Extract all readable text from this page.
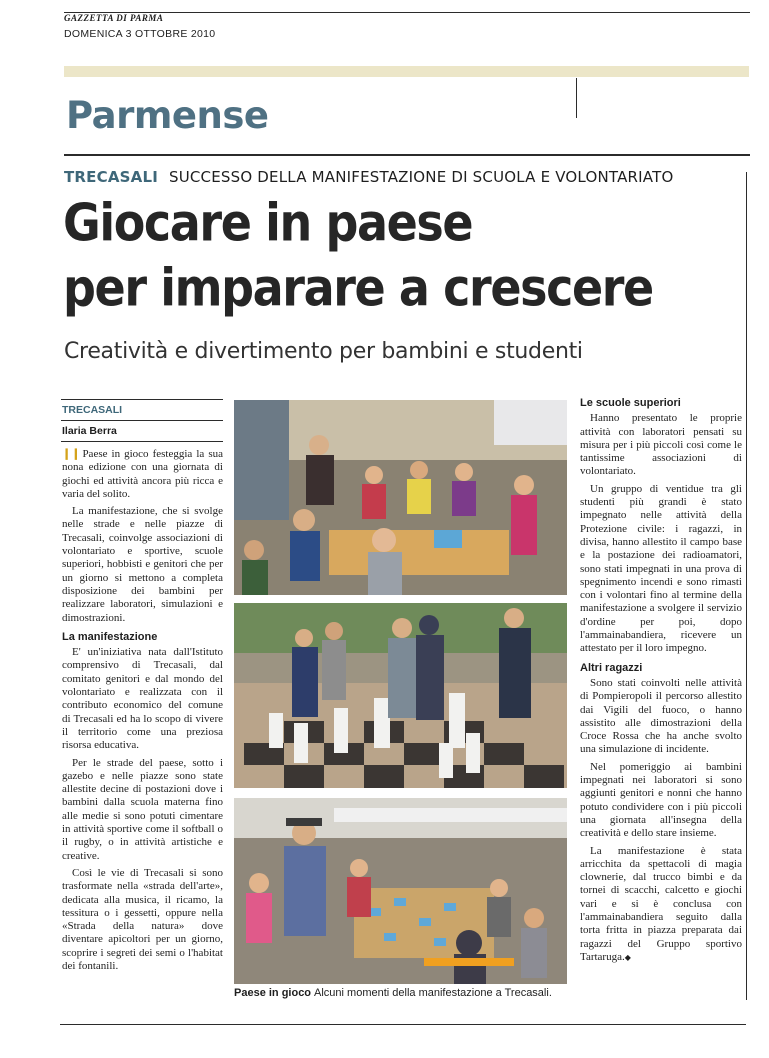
GAZZETTA DI PARMA
DOMENICA 3 OTTOBRE 2010
Parmense
TRECASALI SUCCESSO DELLA MANIFESTAZIONE DI SCUOLA E VOLONTARIATO
Giocare in paese
per imparare a crescere
Creatività e divertimento per bambini e studenti
TRECASALI
Ilaria Berra

❙❙ Paese in gioco festeggia la sua nona edizione con una giornata di giochi ed attività ancora più ricca e varia del solito.

La manifestazione, che si svolge nelle strade e nelle piazze di Trecasali, coinvolge associazioni di volontariato e sportive, scuole superiori, hobbisti e genitori che per un giorno si mettono a completa disposizione dei bambini per realizzare laboratori, simulazioni e dimostrazioni.

La manifestazione

E' un'iniziativa nata dall'Istituto comprensivo di Trecasali, dal comitato genitori e dal mondo del volontariato e realizzata con il contributo economico del comune di Trecasali ed ha lo scopo di vivere il territorio come una preziosa risorsa educativa.

Per le strade del paese, sotto i gazebo e nelle piazze sono state allestite decine di postazioni dove i bambini dalla scuola materna fino alle medie si sono potuti cimentare in attività sportive come il softball o il rugby, o in attività artistiche e creative.

Così le vie di Trecasali si sono trasformate nella «strada dell'arte», dedicata alla musica, il ricamo, la tessitura o i gessetti, oppure nella «Strada della natura» dove diventare apicoltori per un giorno, scoprire i segreti dei semi o l'habitat dei fontanili.

Paese in gioco Alcuni momenti della manifestazione a Trecasali.
Le scuole superiori

Hanno presentato le proprie attività con laboratori pensati su misura per i più piccoli così come le tantissime associazioni di volontariato.

Un gruppo di ventidue tra gli studenti più grandi è stato impegnato nelle attività della Protezione civile: i ragazzi, in divisa, hanno allestito il campo base e la postazione dei radioamatori, sono stati impegnati in una prova di spegnimento incendi e sono rimasti con i volontari fino al termine della manifestazione a svolgere il servizio d'ordine per poi, dopo l'ammainabandiera, ricevere un attestato per il loro impegno.

Altri ragazzi

Sono stati coinvolti nelle attività di Pompieropoli il percorso allestito dai Vigili del fuoco, o hanno assistito alle dimostrazioni della Croce Rossa che ha anche svolto una simulazione di incidente.

Nel pomeriggio ai bambini impegnati nei laboratori si sono aggiunti genitori e nonni che hanno potuto condividere con i più piccoli una giornata all'insegna della creatività e dello stare insieme.

La manifestazione è stata arricchita da spettacoli di magia clownerie, dal trucco bimbi e da tornei di scacchi, calcetto e giochi vari e si è conclusa con l'ammainabandiera seguito dalla torta fritta in piazza preparata dai ragazzi del Gruppo sportivo Tartaruga.◆
